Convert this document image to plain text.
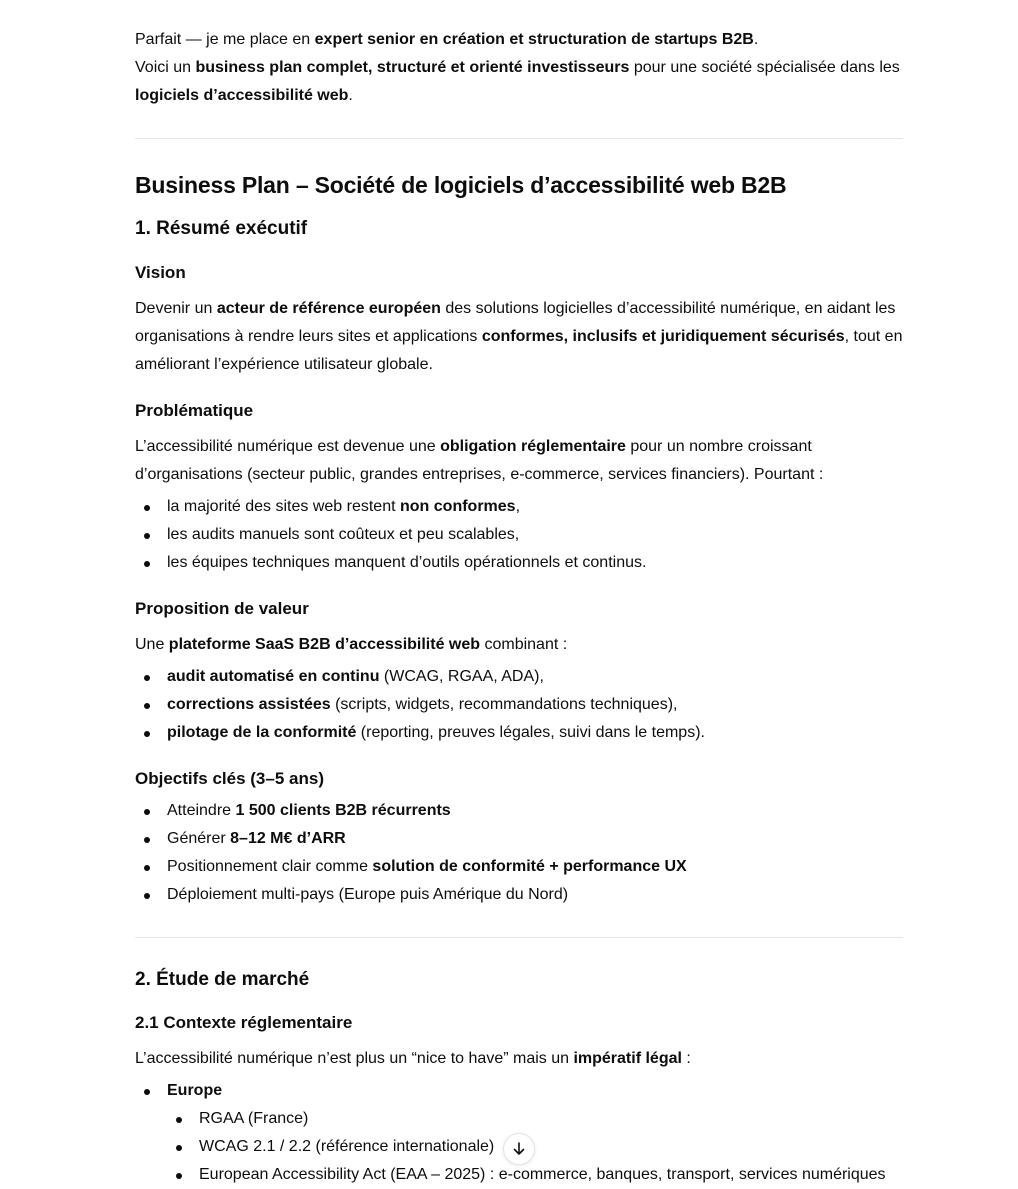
Parfait — je me place en expert senior en création et structuration de startups B2B.

Voici un business plan complet, structuré et orienté investisseurs pour une société spécialisée dans les logiciels d’accessibilité web.

Business Plan – Société de logiciels d’accessibilité web B2B
1. Résumé exécutif
Vision

Devenir un acteur de référence européen des solutions logicielles d’accessibilité numérique, en aidant les organisations à rendre leurs sites et applications conformes, inclusifs et juridiquement sécurisés, tout en améliorant l’expérience utilisateur globale.

Problématique

L’accessibilité numérique est devenue une obligation réglementaire pour un nombre croissant d’organisations (secteur public, grandes entreprises, e-commerce, services financiers). Pourtant :

la majorité des sites web restent non conformes,
les audits manuels sont coûteux et peu scalables,
les équipes techniques manquent d’outils opérationnels et continus.
Proposition de valeur

Une plateforme SaaS B2B d’accessibilité web combinant :

audit automatisé en continu (WCAG, RGAA, ADA),
corrections assistées (scripts, widgets, recommandations techniques),
pilotage de la conformité (reporting, preuves légales, suivi dans le temps).
Objectifs clés (3–5 ans)
Atteindre 1 500 clients B2B récurrents
Générer 8–12 M€ d’ARR
Positionnement clair comme solution de conformité + performance UX
Déploiement multi-pays (Europe puis Amérique du Nord)
2. Étude de marché
2.1 Contexte réglementaire

L’accessibilité numérique n’est plus un “nice to have” mais un impératif légal :

Europe
RGAA (France)
WCAG 2.1 / 2.2 (référence internationale)
European Accessibility Act (EAA – 2025) : e-commerce, banques, transport, services numériques
